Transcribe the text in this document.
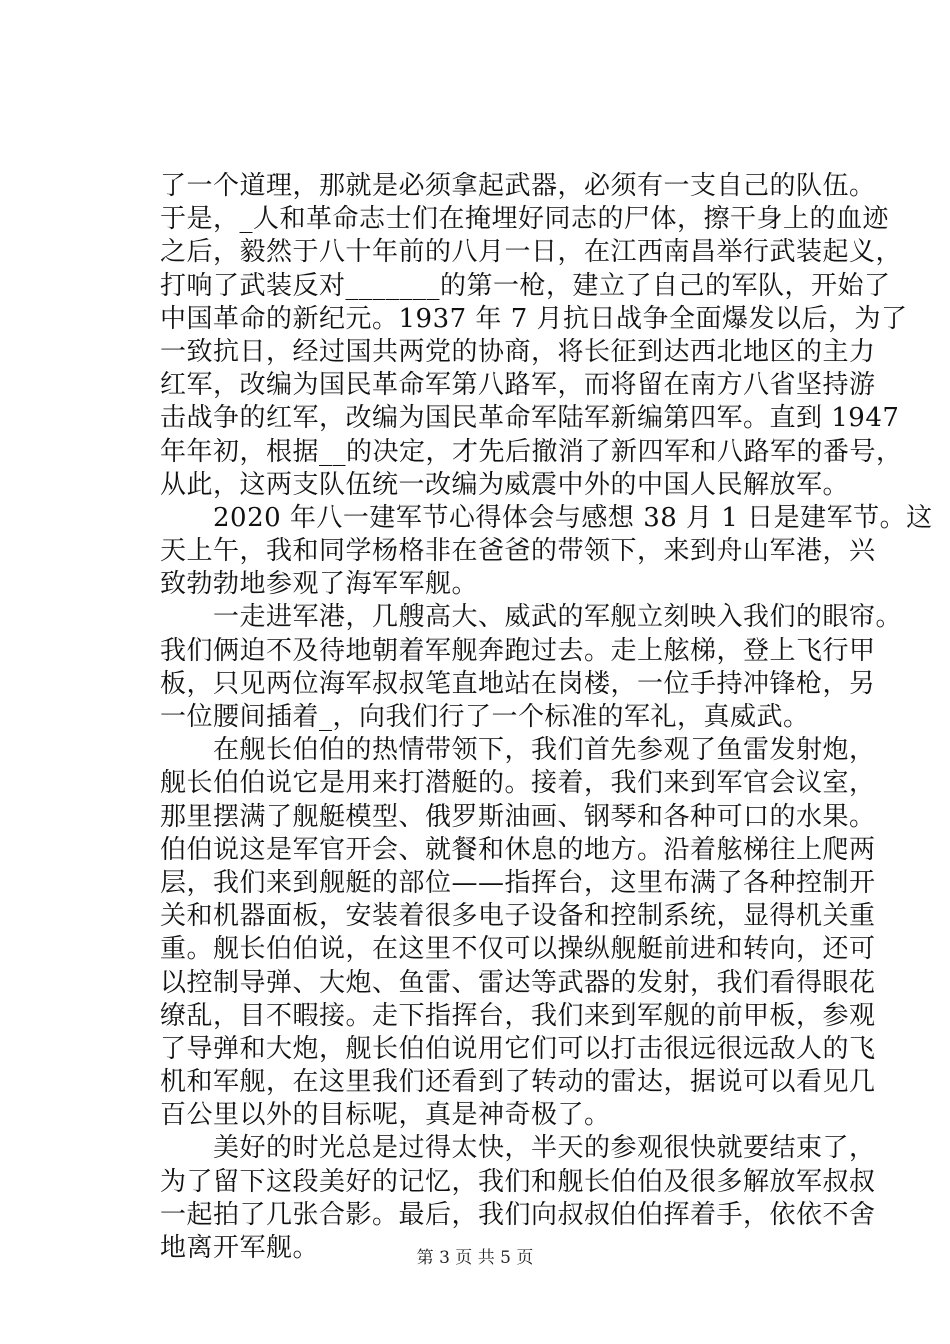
了一个道理，那就是必须拿起武器，必须有一支自己的队伍。
于是，_人和革命志士们在掩埋好同志的尸体，擦干身上的血迹
之后，毅然于八十年前的八月一日，在江西南昌举行武装起义，
打响了武装反对_______的第一枪，建立了自己的军队，开始了
中国革命的新纪元。1937 年 7 月抗日战争全面爆发以后，为了
一致抗日，经过国共两党的协商，将长征到达西北地区的主力
红军，改编为国民革命军第八路军，而将留在南方八省坚持游
击战争的红军，改编为国民革命军陆军新编第四军。直到 1947
年年初，根据__的决定，才先后撤消了新四军和八路军的番号，
从此，这两支队伍统一改编为威震中外的中国人民解放军。
　　2020 年八一建军节心得体会与感想 38 月 1 日是建军节。这
天上午，我和同学杨格非在爸爸的带领下，来到舟山军港，兴
致勃勃地参观了海军军舰。
　　一走进军港，几艘高大、威武的军舰立刻映入我们的眼帘。
我们俩迫不及待地朝着军舰奔跑过去。走上舷梯，登上飞行甲
板，只见两位海军叔叔笔直地站在岗楼，一位手持冲锋枪，另
一位腰间插着_，向我们行了一个标准的军礼，真威武。
　　在舰长伯伯的热情带领下，我们首先参观了鱼雷发射炮，
舰长伯伯说它是用来打潜艇的。接着，我们来到军官会议室，
那里摆满了舰艇模型、俄罗斯油画、钢琴和各种可口的水果。
伯伯说这是军官开会、就餐和休息的地方。沿着舷梯往上爬两
层，我们来到舰艇的部位——指挥台，这里布满了各种控制开
关和机器面板，安装着很多电子设备和控制系统，显得机关重
重。舰长伯伯说，在这里不仅可以操纵舰艇前进和转向，还可
以控制导弹、大炮、鱼雷、雷达等武器的发射，我们看得眼花
缭乱，目不暇接。走下指挥台，我们来到军舰的前甲板，参观
了导弹和大炮，舰长伯伯说用它们可以打击很远很远敌人的飞
机和军舰，在这里我们还看到了转动的雷达，据说可以看见几
百公里以外的目标呢，真是神奇极了。
　　美好的时光总是过得太快，半天的参观很快就要结束了，
为了留下这段美好的记忆，我们和舰长伯伯及很多解放军叔叔
一起拍了几张合影。最后，我们向叔叔伯伯挥着手，依依不舍
地离开军舰。	第 3 页 共 5 页
